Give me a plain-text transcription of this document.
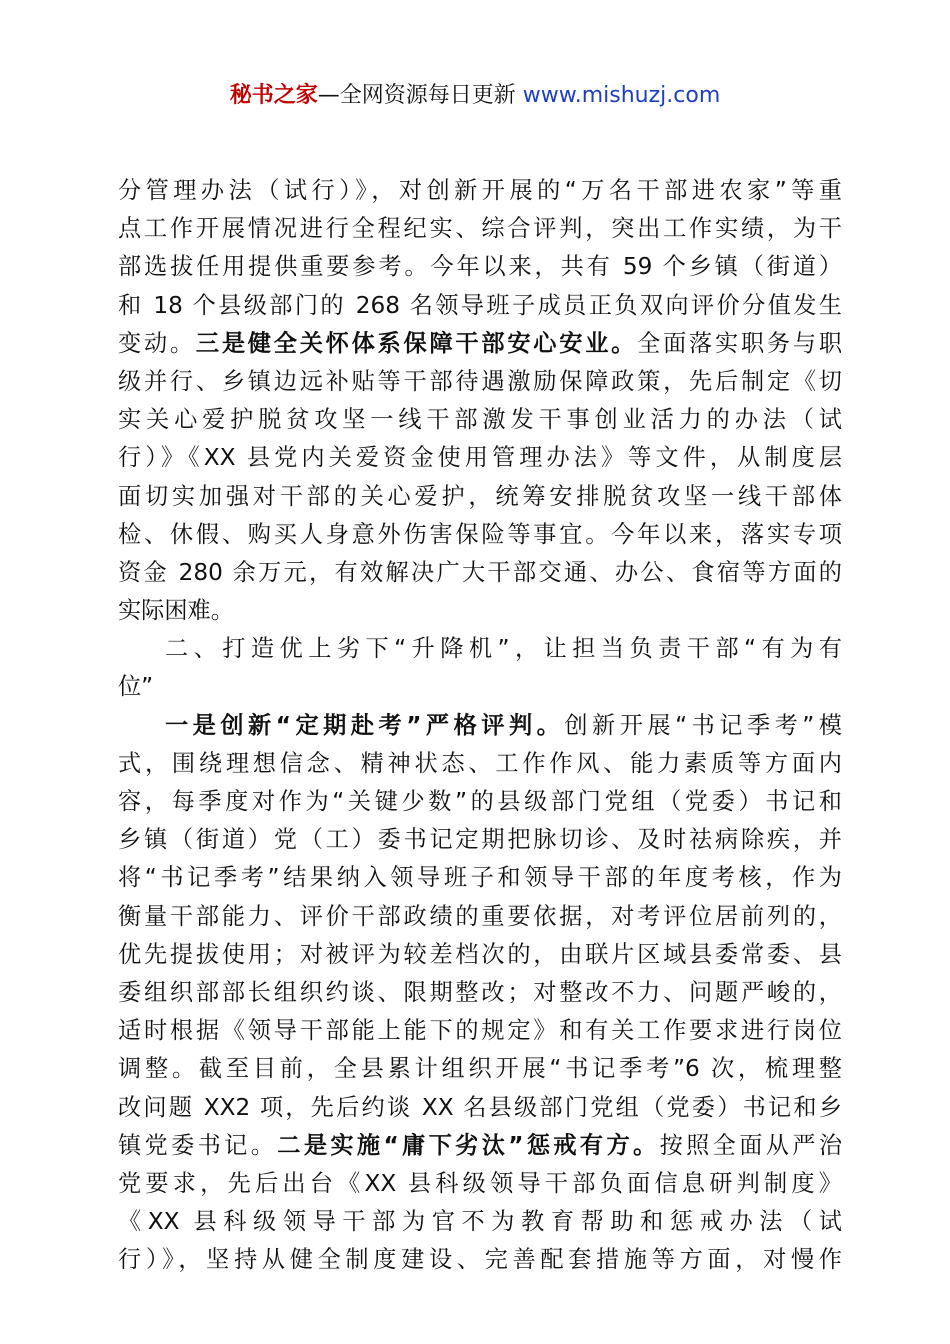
秘书之家—全网资源每日更新 www.mishuzj.com
分管理办法（试行）》，对创新开展的“万名干部进农家”等重
点工作开展情况进行全程纪实、综合评判，突出工作实绩，为干
部选拔任用提供重要参考。今年以来，共有 59 个乡镇（街道）
和 18 个县级部门的 268 名领导班子成员正负双向评价分值发生
变动。三是健全关怀体系保障干部安心安业。全面落实职务与职
级并行、乡镇边远补贴等干部待遇激励保障政策，先后制定《切
实关心爱护脱贫攻坚一线干部激发干事创业活力的办法（试
行）》《XX 县党内关爱资金使用管理办法》等文件，从制度层
面切实加强对干部的关心爱护，统筹安排脱贫攻坚一线干部体
检、休假、购买人身意外伤害保险等事宜。今年以来，落实专项
资金 280 余万元，有效解决广大干部交通、办公、食宿等方面的
实际困难。
二、打造优上劣下“升降机”，让担当负责干部“有为有
位”
一是创新“定期赴考”严格评判。创新开展“书记季考”模
式，围绕理想信念、精神状态、工作作风、能力素质等方面内
容，每季度对作为“关键少数”的县级部门党组（党委）书记和
乡镇（街道）党（工）委书记定期把脉切诊、及时祛病除疾，并
将“书记季考”结果纳入领导班子和领导干部的年度考核，作为
衡量干部能力、评价干部政绩的重要依据，对考评位居前列的，
优先提拔使用；对被评为较差档次的，由联片区域县委常委、县
委组织部部长组织约谈、限期整改；对整改不力、问题严峻的，
适时根据《领导干部能上能下的规定》和有关工作要求进行岗位
调整。截至目前，全县累计组织开展“书记季考”6 次，梳理整
改问题 XX2 项，先后约谈 XX 名县级部门党组（党委）书记和乡
镇党委书记。二是实施“庸下劣汰”惩戒有方。按照全面从严治
党要求，先后出台《XX 县科级领导干部负面信息研判制度》
《XX 县科级领导干部为官不为教育帮助和惩戒办法（试
行）》，坚持从健全制度建设、完善配套措施等方面，对慢作
